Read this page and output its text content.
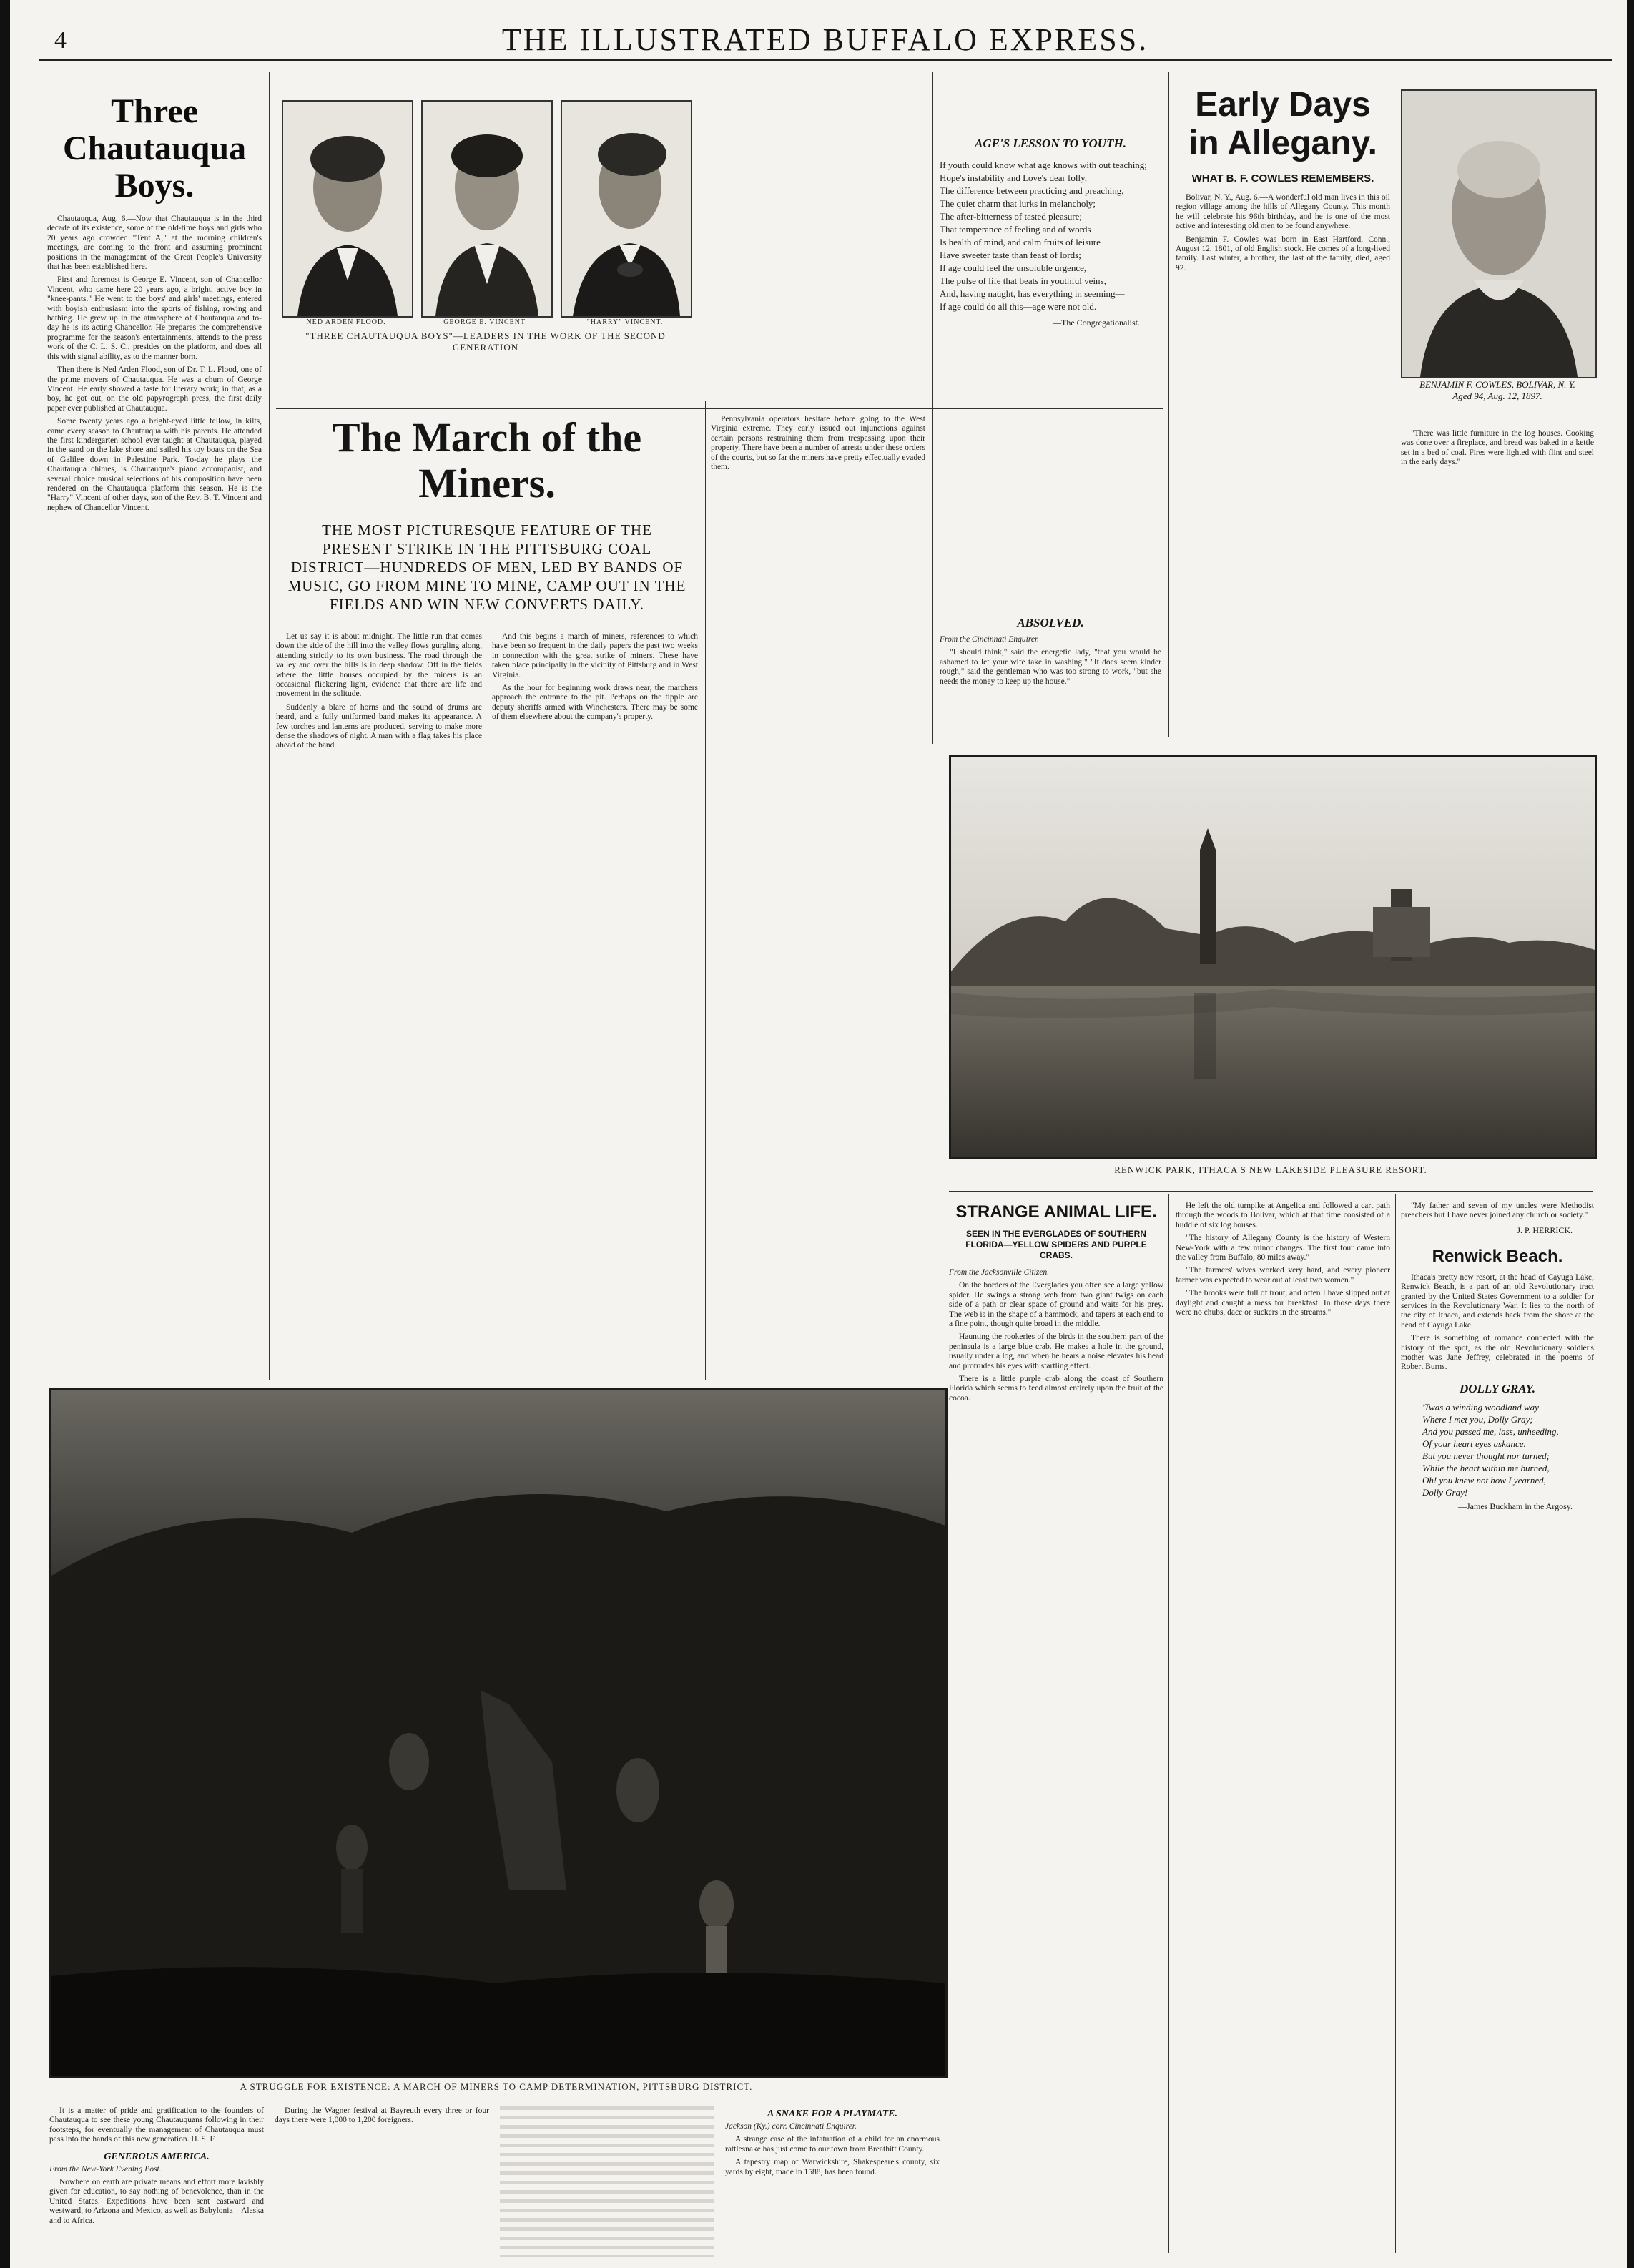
4	THE ILLUSTRATED BUFFALO EXPRESS.
Three Chautauqua Boys.

Chautauqua, Aug. 6.—Now that Chautauqua is in the third decade of its existence, some of the old-time boys and girls who 20 years ago crowded "Tent A," at the morning children's meetings, are coming to the front and assuming prominent positions in the management of the Great People's University that has been established here.

First and foremost is George E. Vincent, son of Chancellor Vincent, who came here 20 years ago, a bright, active boy in "knee-pants." He went to the boys' and girls' meetings, entered with boyish enthusiasm into the sports of fishing, rowing and bathing. He grew up in the atmosphere of Chautauqua and to-day he is its acting Chancellor. He prepares the comprehensive programme for the season's entertainments, attends to the press work of the C. L. S. C., presides on the platform, and does all this with signal ability, as to the manner born.

Then there is Ned Arden Flood, son of Dr. T. L. Flood, one of the prime movers of Chautauqua. He was a chum of George Vincent. He early showed a taste for literary work; in that, as a boy, he got out, on the old papyrograph press, the first daily paper ever published at Chautauqua.

Some twenty years ago a bright-eyed little fellow, in kilts, came every season to Chautauqua with his parents. He attended the first kindergarten school ever taught at Chautauqua, played in the sand on the lake shore and sailed his toy boats on the Sea of Galilee down in Palestine Park. To-day he plays the Chautauqua chimes, is Chautauqua's piano accompanist, and several choice musical selections of his composition have been rendered on the Chautauqua platform this season. He is the "Harry" Vincent of other days, son of the Rev. B. T. Vincent and nephew of Chancellor Vincent.

NED ARDEN FLOOD.	GEORGE E. VINCENT.	"HARRY" VINCENT.
"THREE CHAUTAUQUA BOYS"—LEADERS IN THE WORK OF THE SECOND GENERATION
The March of the Miners.
THE MOST PICTURESQUE FEATURE OF THE PRESENT STRIKE IN THE PITTSBURG COAL DISTRICT—HUNDREDS OF MEN, LED BY BANDS OF MUSIC, GO FROM MINE TO MINE, CAMP OUT IN THE FIELDS AND WIN NEW CONVERTS DAILY.

Let us say it is about midnight. The little run that comes down the side of the hill into the valley flows gurgling along, attending strictly to its own business. The road through the valley and over the hills is in deep shadow. Off in the fields where the little houses occupied by the miners is an occasional flickering light, evidence that there are life and movement in the solitude.

Suddenly a blare of horns and the sound of drums are heard, and a fully uniformed band makes its appearance. A few torches and lanterns are produced, serving to make more dense the shadows of night. A man with a flag takes his place ahead of the band.

And this begins a march of miners, references to which have been so frequent in the daily papers the past two weeks in connection with the great strike of miners. These have taken place principally in the vicinity of Pittsburg and in West Virginia.

As the hour for beginning work draws near, the marchers approach the entrance to the pit. Perhaps on the tipple are deputy sheriffs armed with Winchesters. There may be some of them elsewhere about the company's property.

Pennsylvania operators hesitate before going to the West Virginia extreme. They early issued out injunctions against certain persons restraining them from trespassing upon their property. There have been a number of arrests under these orders of the courts, but so far the miners have pretty effectually evaded them.

AGE'S LESSON TO YOUTH.
If youth could know what age knows with out teaching;
Hope's instability and Love's dear folly,
The difference between practicing and preaching,
The quiet charm that lurks in melancholy;
The after-bitterness of tasted pleasure;
That temperance of feeling and of words
Is health of mind, and calm fruits of leisure
Have sweeter taste than feast of lords;
If age could feel the unsoluble urgence,
The pulse of life that beats in youthful veins,
And, having naught, has everything in seeming—
If age could do all this—age were not old.
—The Congregationalist.
ABSOLVED.

From the Cincinnati Enquirer.

"I should think," said the energetic lady, "that you would be ashamed to let your wife take in washing." "It does seem kinder rough," said the gentleman who was too strong to work, "but she needs the money to keep up the house."

Early Days in Allegany.
WHAT B. F. COWLES REMEMBERS.

Bolivar, N. Y., Aug. 6.—A wonderful old man lives in this oil region village among the hills of Allegany County. This month he will celebrate his 96th birthday, and he is one of the most active and interesting old men to be found anywhere.

Benjamin F. Cowles was born in East Hartford, Conn., August 12, 1801, of old English stock. He comes of a long-lived family. Last winter, a brother, the last of the family, died, aged 92.

BENJAMIN F. COWLES, BOLIVAR, N. Y.
Aged 94, Aug. 12, 1897.

"There was little furniture in the log houses. Cooking was done over a fireplace, and bread was baked in a kettle set in a bed of coal. Fires were lighted with flint and steel in the early days."

RENWICK PARK, ITHACA'S NEW LAKESIDE PLEASURE RESORT.
A STRUGGLE FOR EXISTENCE: A MARCH OF MINERS TO CAMP DETERMINATION, PITTSBURG DISTRICT.
STRANGE ANIMAL LIFE.
SEEN IN THE EVERGLADES OF SOUTHERN FLORIDA—YELLOW SPIDERS AND PURPLE CRABS.

From the Jacksonville Citizen.

On the borders of the Everglades you often see a large yellow spider. He swings a strong web from two giant twigs on each side of a path or clear space of ground and waits for his prey. The web is in the shape of a hammock, and tapers at each end to a fine point, though quite broad in the middle.

Haunting the rookeries of the birds in the southern part of the peninsula is a large blue crab. He makes a hole in the ground, usually under a log, and when he hears a noise elevates his head and protrudes his eyes with startling effect.

There is a little purple crab along the coast of Southern Florida which seems to feed almost entirely upon the fruit of the cocoa.

He left the old turnpike at Angelica and followed a cart path through the woods to Bolivar, which at that time consisted of a huddle of six log houses.

"The history of Allegany County is the history of Western New-York with a few minor changes. The first four came into the valley from Buffalo, 80 miles away."

"The farmers' wives worked very hard, and every pioneer farmer was expected to wear out at least two women."

"The brooks were full of trout, and often I have slipped out at daylight and caught a mess for breakfast. In those days there were no chubs, dace or suckers in the streams."

"My father and seven of my uncles were Methodist preachers but I have never joined any church or society."

J. P. HERRICK.
Renwick Beach.

Ithaca's pretty new resort, at the head of Cayuga Lake, Renwick Beach, is a part of an old Revolutionary tract granted by the United States Government to a soldier for services in the Revolutionary War. It lies to the north of the city of Ithaca, and extends back from the shore at the head of Cayuga Lake.

There is something of romance connected with the history of the spot, as the old Revolutionary soldier's mother was Jane Jeffrey, celebrated in the poems of Robert Burns.

DOLLY GRAY.
'Twas a winding woodland way
Where I met you, Dolly Gray;
And you passed me, lass, unheeding,
Of your heart eyes askance.
But you never thought nor turned;
While the heart within me burned,
Oh! you knew not how I yearned,
Dolly Gray!
—James Buckham in the Argosy.

It is a matter of pride and gratification to the founders of Chautauqua to see these young Chautauquans following in their footsteps, for eventually the management of Chautauqua must pass into the hands of this new generation. H. S. F.

GENEROUS AMERICA.

From the New-York Evening Post.

Nowhere on earth are private means and effort more lavishly given for education, to say nothing of benevolence, than in the United States. Expeditions have been sent eastward and westward, to Arizona and Mexico, as well as Babylonia—Alaska and to Africa.

During the Wagner festival at Bayreuth every three or four days there were 1,000 to 1,200 foreigners.

A SNAKE FOR A PLAYMATE.

Jackson (Ky.) corr. Cincinnati Enquirer.

A strange case of the infatuation of a child for an enormous rattlesnake has just come to our town from Breathitt County.

A tapestry map of Warwickshire, Shakespeare's county, six yards by eight, made in 1588, has been found.
